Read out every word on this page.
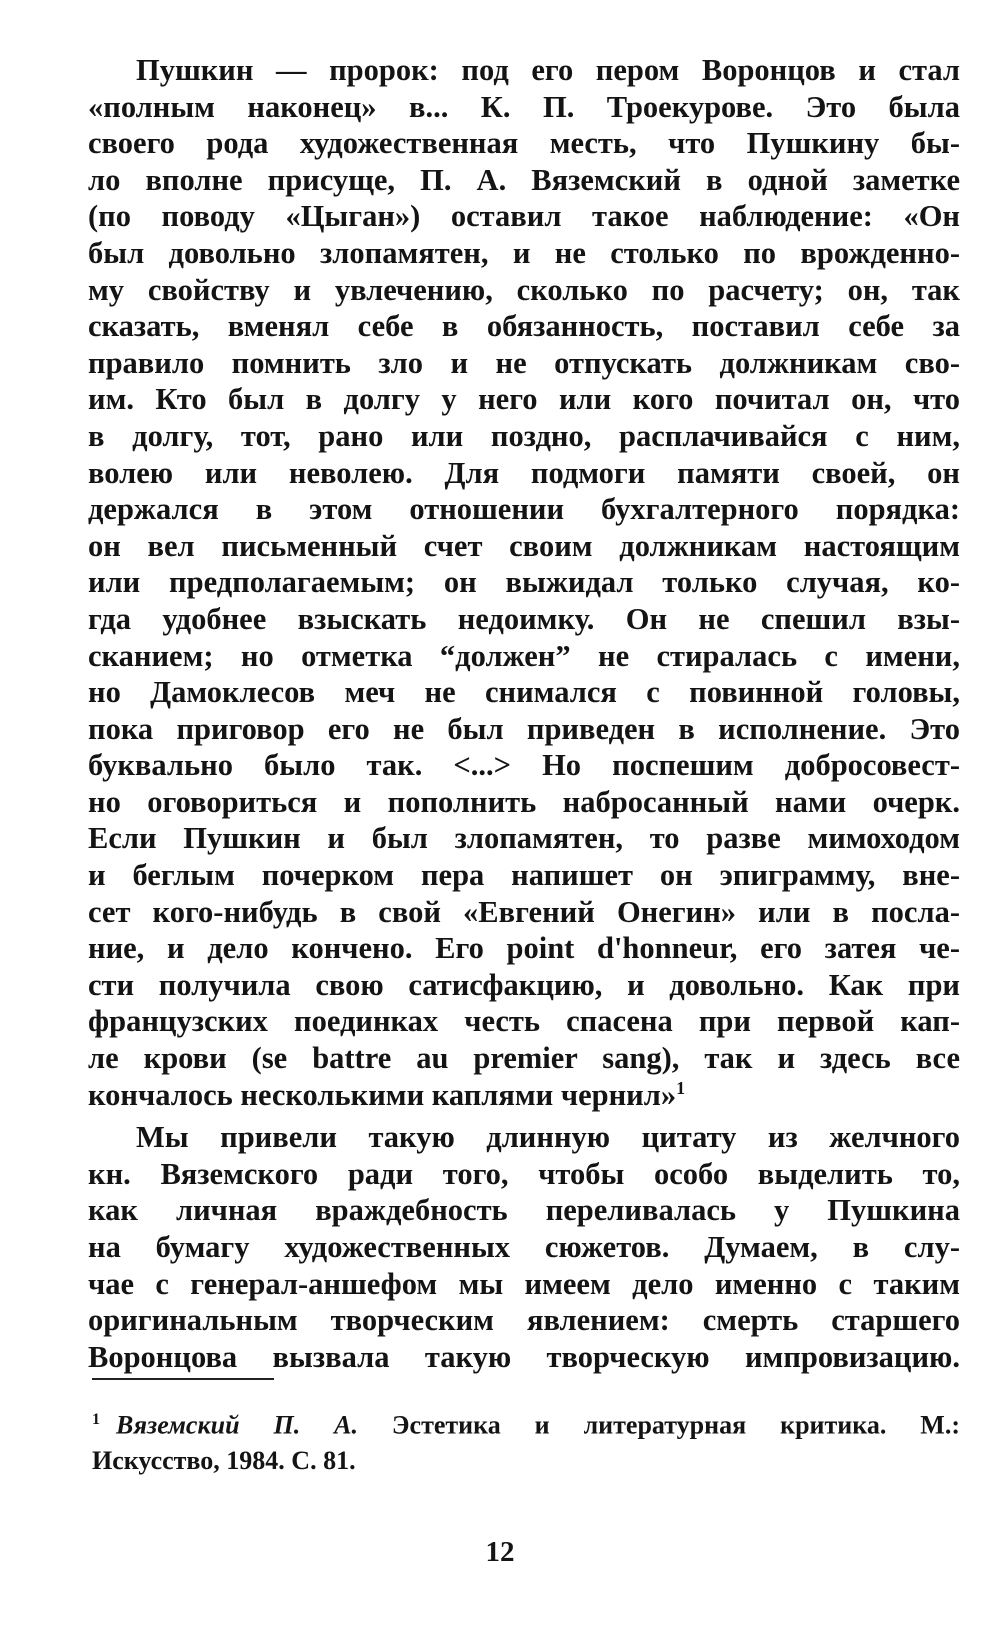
Пушкин — пророк: под его пером Воронцов и стал
«полным наконец» в... К. П. Троекурове. Это была
своего рода художественная месть, что Пушкину бы-
ло вполне присуще, П. А. Вяземский в одной заметке
(по поводу «Цыган») оставил такое наблюдение: «Он
был довольно злопамятен, и не столько по врожденно-
му свойству и увлечению, сколько по расчету; он, так
сказать, вменял себе в обязанность, поставил себе за
правило помнить зло и не отпускать должникам сво-
им. Кто был в долгу у него или кого почитал он, что
в долгу, тот, рано или поздно, расплачивайся с ним,
волею или неволею. Для подмоги памяти своей, он
держался в этом отношении бухгалтерного порядка:
он вел письменный счет своим должникам настоящим
или предполагаемым; он выжидал только случая, ко-
гда удобнее взыскать недоимку. Он не спешил взы-
сканием; но отметка “должен” не стиралась с имени,
но Дамоклесов меч не снимался с повинной головы,
пока приговор его не был приведен в исполнение. Это
буквально было так. <...> Но поспешим добросовест-
но оговориться и пополнить набросанный нами очерк.
Если Пушкин и был злопамятен, то разве мимоходом
и беглым почерком пера напишет он эпиграмму, вне-
сет кого-нибудь в свой «Евгений Онегин» или в посла-
ние, и дело кончено. Его point d'honneur, его затея че-
сти получила свою сатисфакцию, и довольно. Как при
французских поединках честь спасена при первой кап-
ле крови (se battre au premier sang), так и здесь все
кончалось несколькими каплями чернил»$^1$

Мы привели такую длинную цитату из желчного
кн. Вяземского ради того, чтобы особо выделить то,
как личная враждебность переливалась у Пушкина
на бумагу художественных сюжетов. Думаем, в слу-
чае с генерал-аншефом мы имеем дело именно с таким
оригинальным творческим явлением: смерть старшего
Воронцова вызвала такую творческую импровизацию.

$^1$ Вяземский П. А. Эстетика и литературная критика. М.:
Искусство, 1984. С. 81.
12
